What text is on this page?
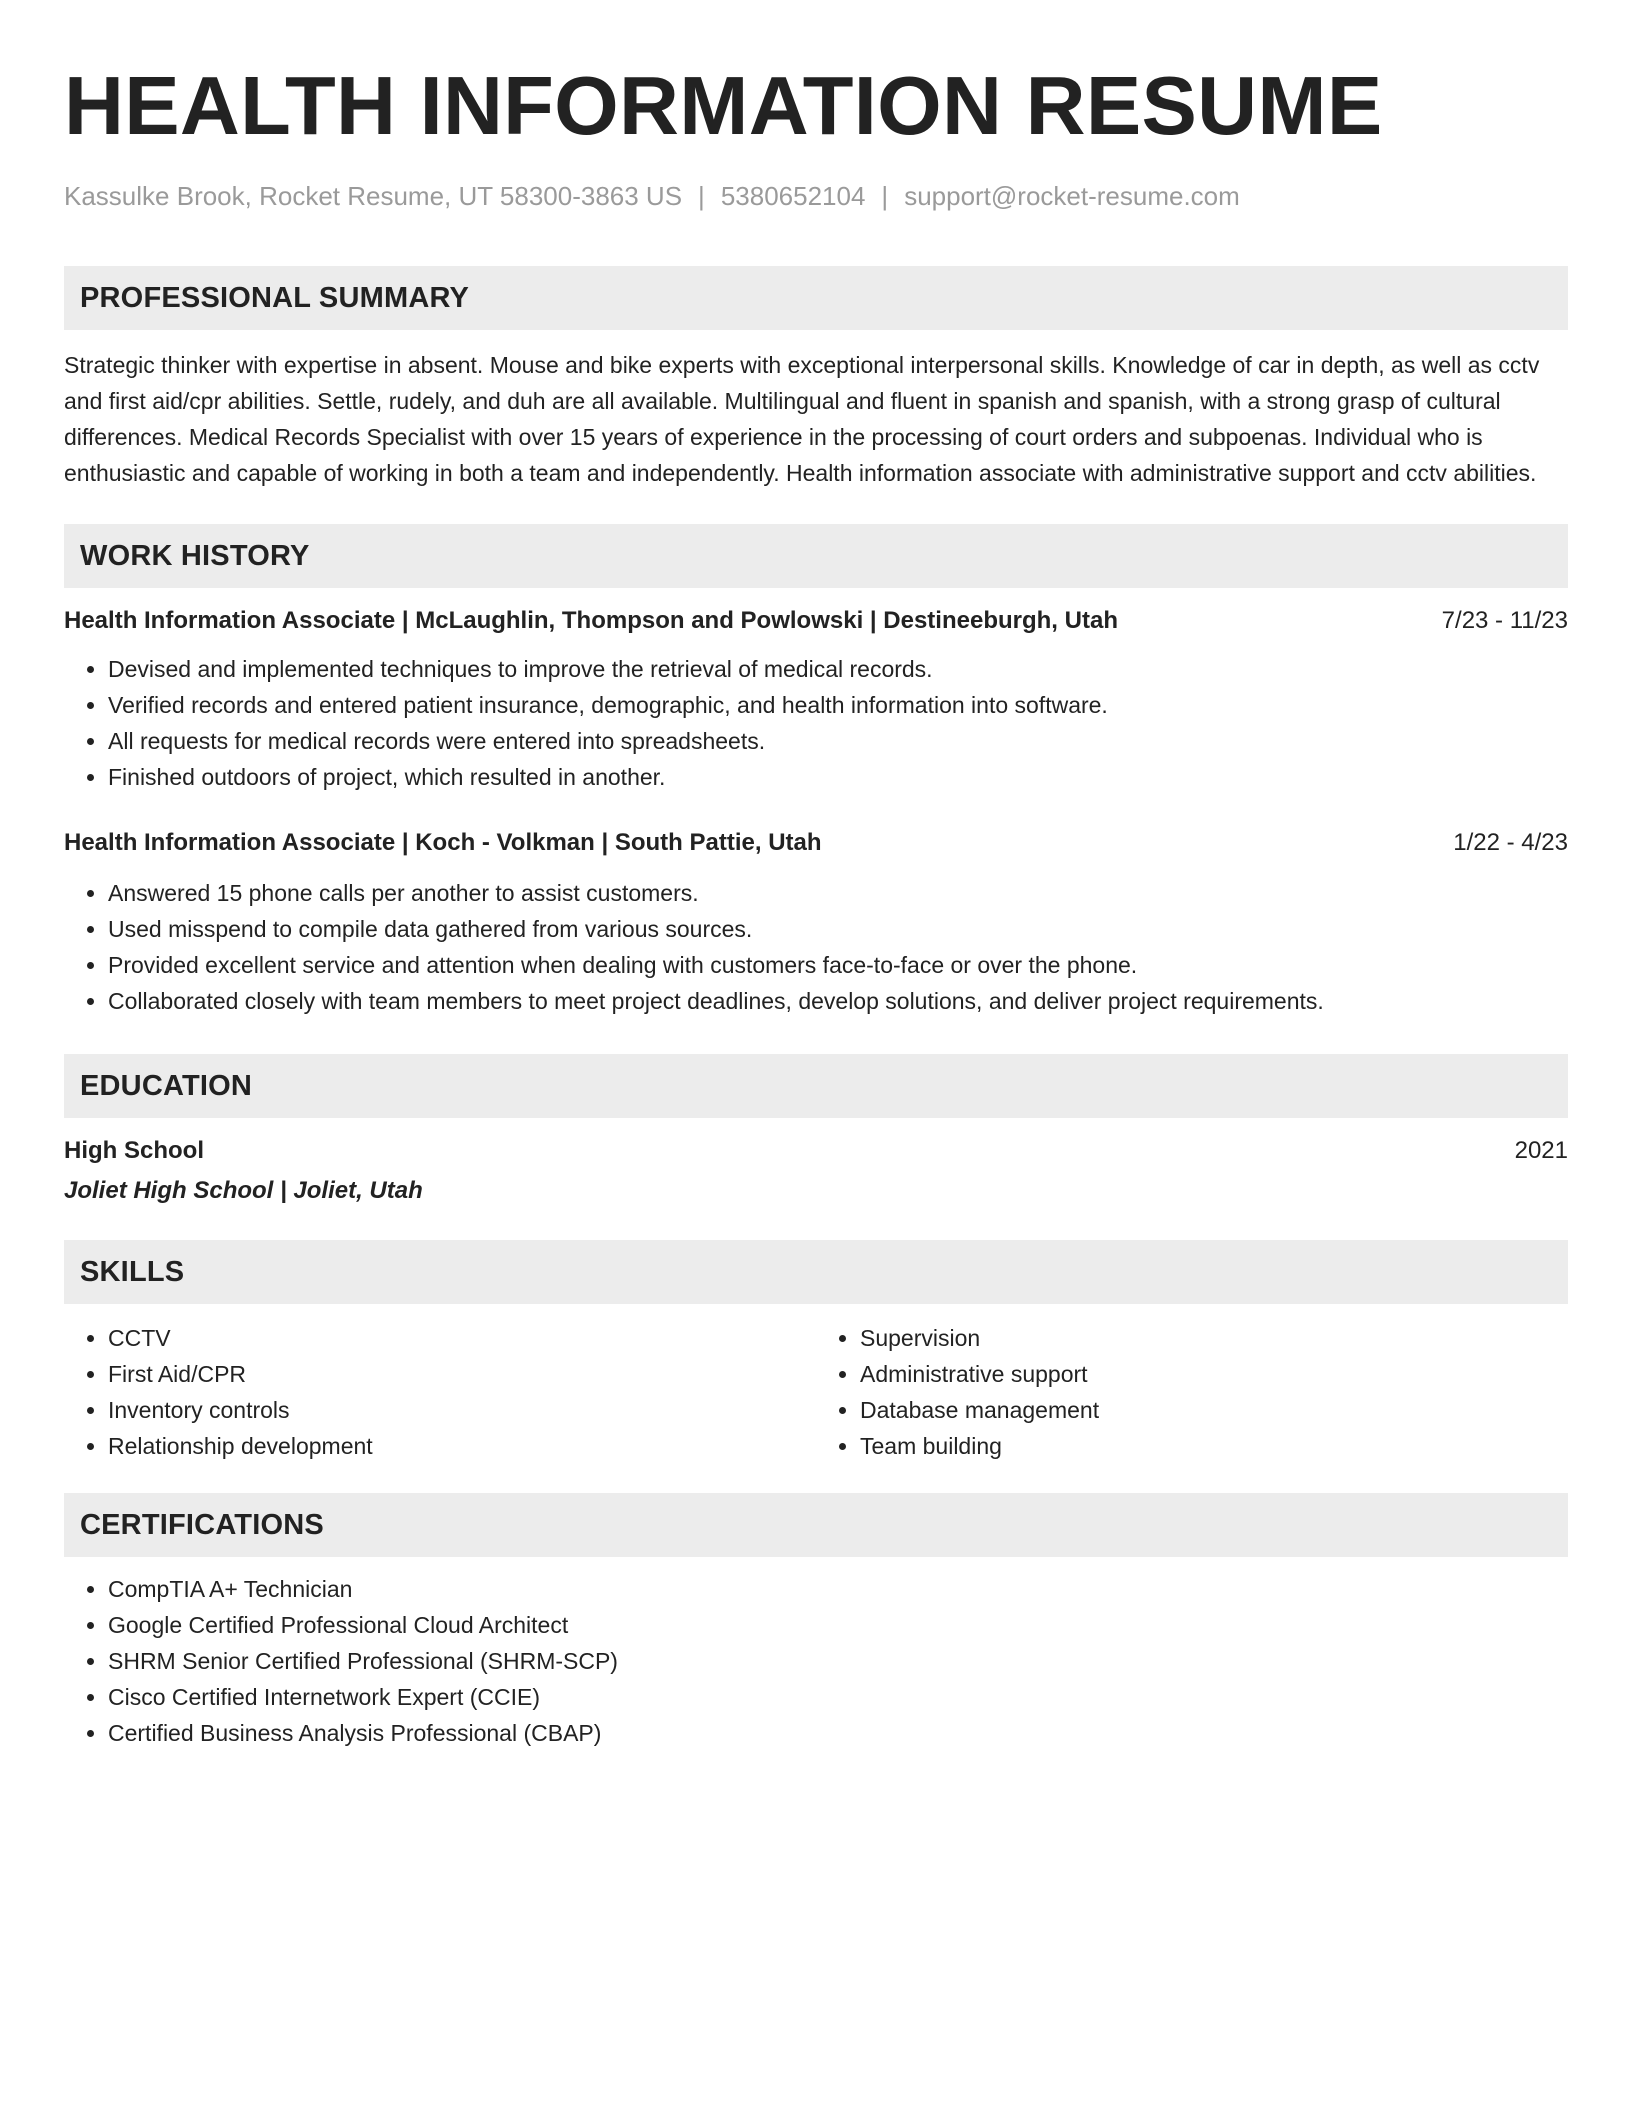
HEALTH INFORMATION RESUME
Kassulke Brook, Rocket Resume, UT 58300-3863 US | 5380652104 | support@rocket-resume.com
PROFESSIONAL SUMMARY

Strategic thinker with expertise in absent. Mouse and bike experts with exceptional interpersonal skills. Knowledge of car in depth, as well as cctv and first aid/cpr abilities. Settle, rudely, and duh are all available. Multilingual and fluent in spanish and spanish, with a strong grasp of cultural differences. Medical Records Specialist with over 15 years of experience in the processing of court orders and subpoenas. Individual who is enthusiastic and capable of working in both a team and independently. Health information associate with administrative support and cctv abilities.

WORK HISTORY
Health Information Associate | McLaughlin, Thompson and Powlowski | Destineeburgh, Utah	7/23 - 11/23
• Devised and implemented techniques to improve the retrieval of medical records.
• Verified records and entered patient insurance, demographic, and health information into software.
• All requests for medical records were entered into spreadsheets.
• Finished outdoors of project, which resulted in another.
Health Information Associate | Koch - Volkman | South Pattie, Utah	1/22 - 4/23
• Answered 15 phone calls per another to assist customers.
• Used misspend to compile data gathered from various sources.
• Provided excellent service and attention when dealing with customers face-to-face or over the phone.
• Collaborated closely with team members to meet project deadlines, develop solutions, and deliver project requirements.
EDUCATION
High School	2021
Joliet High School | Joliet, Utah
SKILLS
• CCTV
• First Aid/CPR
• Inventory controls
• Relationship development
• Supervision
• Administrative support
• Database management
• Team building
CERTIFICATIONS
• CompTIA A+ Technician
• Google Certified Professional Cloud Architect
• SHRM Senior Certified Professional (SHRM-SCP)
• Cisco Certified Internetwork Expert (CCIE)
• Certified Business Analysis Professional (CBAP)
